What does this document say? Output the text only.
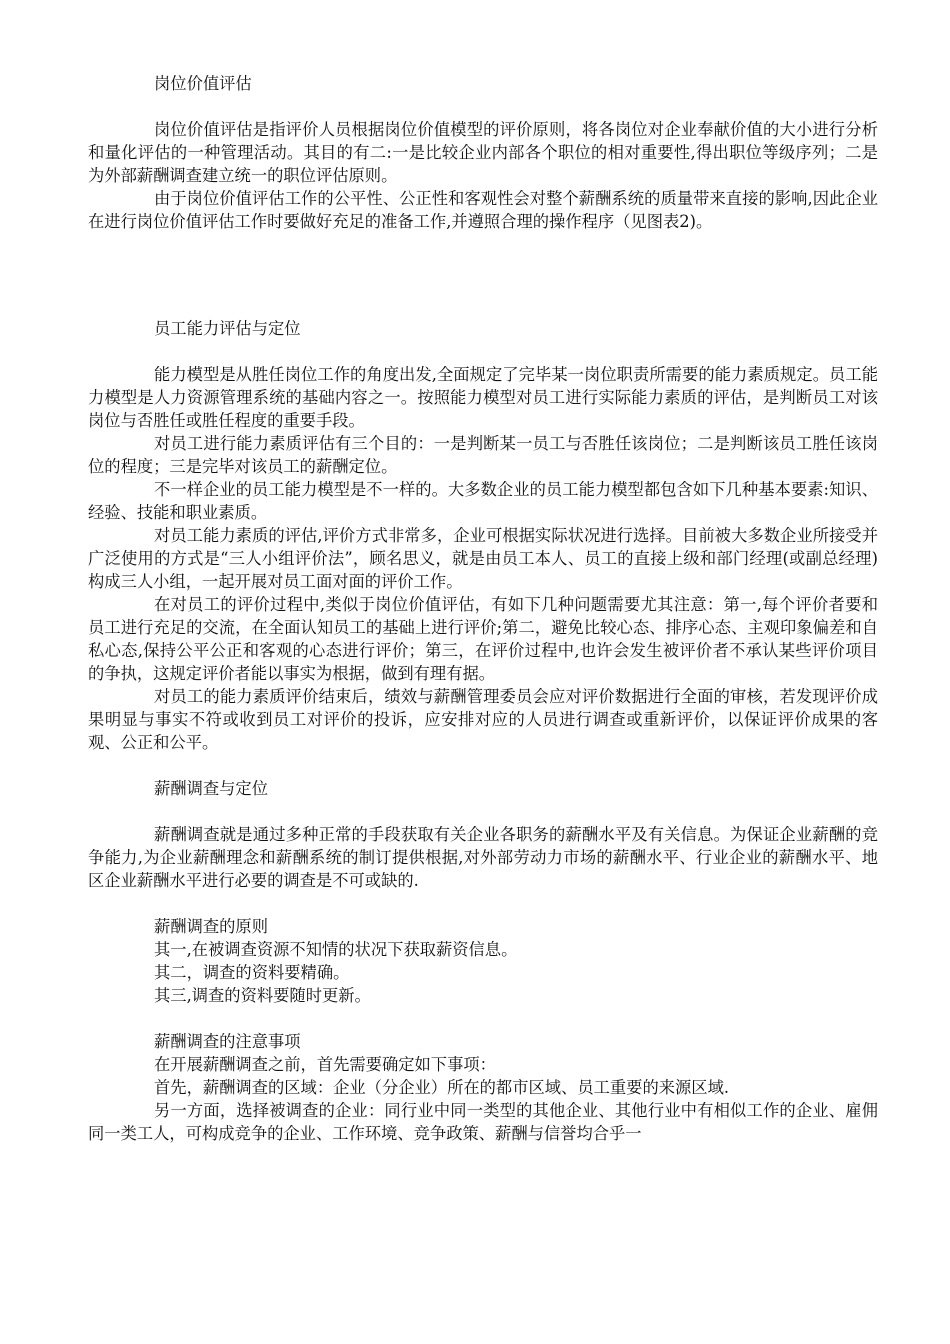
岗位价值评估

岗位价值评估是指评价人员根据岗位价值模型的评价原则，将各岗位对企业奉献价值的大小进行分析和量化评估的一种管理活动。其目的有二:一是比较企业内部各个职位的相对重要性,得出职位等级序列；二是为外部薪酬调查建立统一的职位评估原则。

由于岗位价值评估工作的公平性、公正性和客观性会对整个薪酬系统的质量带来直接的影响,因此企业在进行岗位价值评估工作时要做好充足的准备工作,并遵照合理的操作程序（见图表2)。

员工能力评估与定位

能力模型是从胜任岗位工作的角度出发,全面规定了完毕某一岗位职责所需要的能力素质规定。员工能力模型是人力资源管理系统的基础内容之一。按照能力模型对员工进行实际能力素质的评估，是判断员工对该岗位与否胜任或胜任程度的重要手段。

对员工进行能力素质评估有三个目的：一是判断某一员工与否胜任该岗位；二是判断该员工胜任该岗位的程度；三是完毕对该员工的薪酬定位。

不一样企业的员工能力模型是不一样的。大多数企业的员工能力模型都包含如下几种基本要素:知识、经验、技能和职业素质。

对员工能力素质的评估,评价方式非常多，企业可根据实际状况进行选择。目前被大多数企业所接受并广泛使用的方式是“三人小组评价法”，顾名思义，就是由员工本人、员工的直接上级和部门经理(或副总经理)构成三人小组，一起开展对员工面对面的评价工作。

在对员工的评价过程中,类似于岗位价值评估，有如下几种问题需要尤其注意：第一,每个评价者要和员工进行充足的交流，在全面认知员工的基础上进行评价;第二，避免比较心态、排序心态、主观印象偏差和自私心态,保持公平公正和客观的心态进行评价；第三，在评价过程中,也许会发生被评价者不承认某些评价项目的争执，这规定评价者能以事实为根据，做到有理有据。

对员工的能力素质评价结束后，绩效与薪酬管理委员会应对评价数据进行全面的审核，若发现评价成果明显与事实不符或收到员工对评价的投诉，应安排对应的人员进行调查或重新评价，以保证评价成果的客观、公正和公平。

薪酬调查与定位

薪酬调查就是通过多种正常的手段获取有关企业各职务的薪酬水平及有关信息。为保证企业薪酬的竞争能力,为企业薪酬理念和薪酬系统的制订提供根据,对外部劳动力市场的薪酬水平、行业企业的薪酬水平、地区企业薪酬水平进行必要的调查是不可或缺的.

薪酬调查的原则

其一,在被调查资源不知情的状况下获取薪资信息。

其二，调查的资料要精确。

其三,调查的资料要随时更新。

薪酬调查的注意事项

在开展薪酬调查之前，首先需要确定如下事项：

首先，薪酬调查的区域：企业（分企业）所在的都市区域、员工重要的来源区域.

另一方面，选择被调查的企业：同行业中同一类型的其他企业、其他行业中有相似工作的企业、雇佣同一类工人，可构成竞争的企业、工作环境、竞争政策、薪酬与信誉均合乎一
